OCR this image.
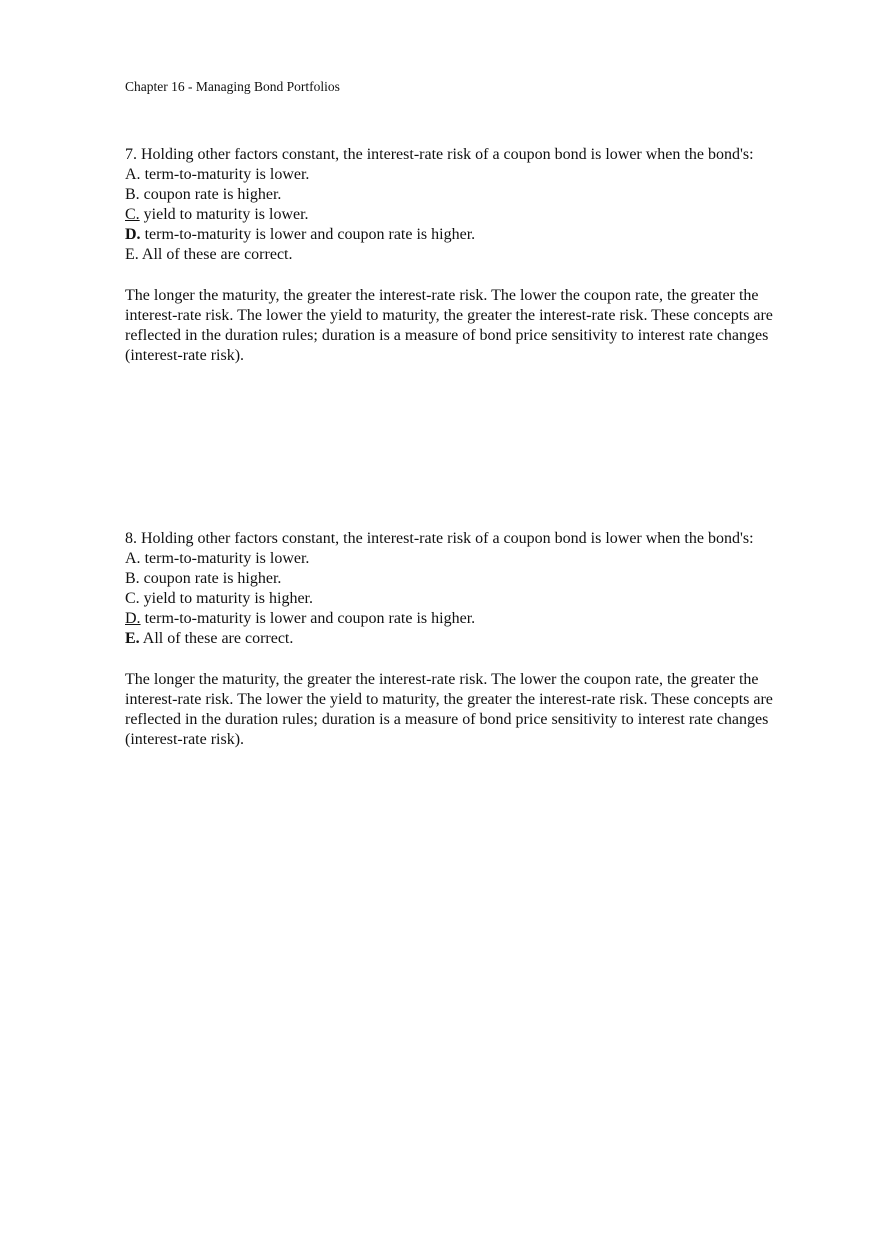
Chapter 16 - Managing Bond Portfolios

7. Holding other factors constant, the interest-rate risk of a coupon bond is lower when the bond's:

A. term-to-maturity is lower.
B. coupon rate is higher.
C. yield to maturity is lower.
D. term-to-maturity is lower and coupon rate is higher.
E. All of these are correct.

The longer the maturity, the greater the interest-rate risk. The lower the coupon rate, the greater the interest-rate risk. The lower the yield to maturity, the greater the interest-rate risk. These concepts are reflected in the duration rules; duration is a measure of bond price sensitivity to interest rate changes (interest-rate risk).

8. Holding other factors constant, the interest-rate risk of a coupon bond is lower when the bond's:

A. term-to-maturity is lower.
B. coupon rate is higher.
C. yield to maturity is higher.
D. term-to-maturity is lower and coupon rate is higher.
E. All of these are correct.

The longer the maturity, the greater the interest-rate risk. The lower the coupon rate, the greater the interest-rate risk. The lower the yield to maturity, the greater the interest-rate risk. These concepts are reflected in the duration rules; duration is a measure of bond price sensitivity to interest rate changes (interest-rate risk).
